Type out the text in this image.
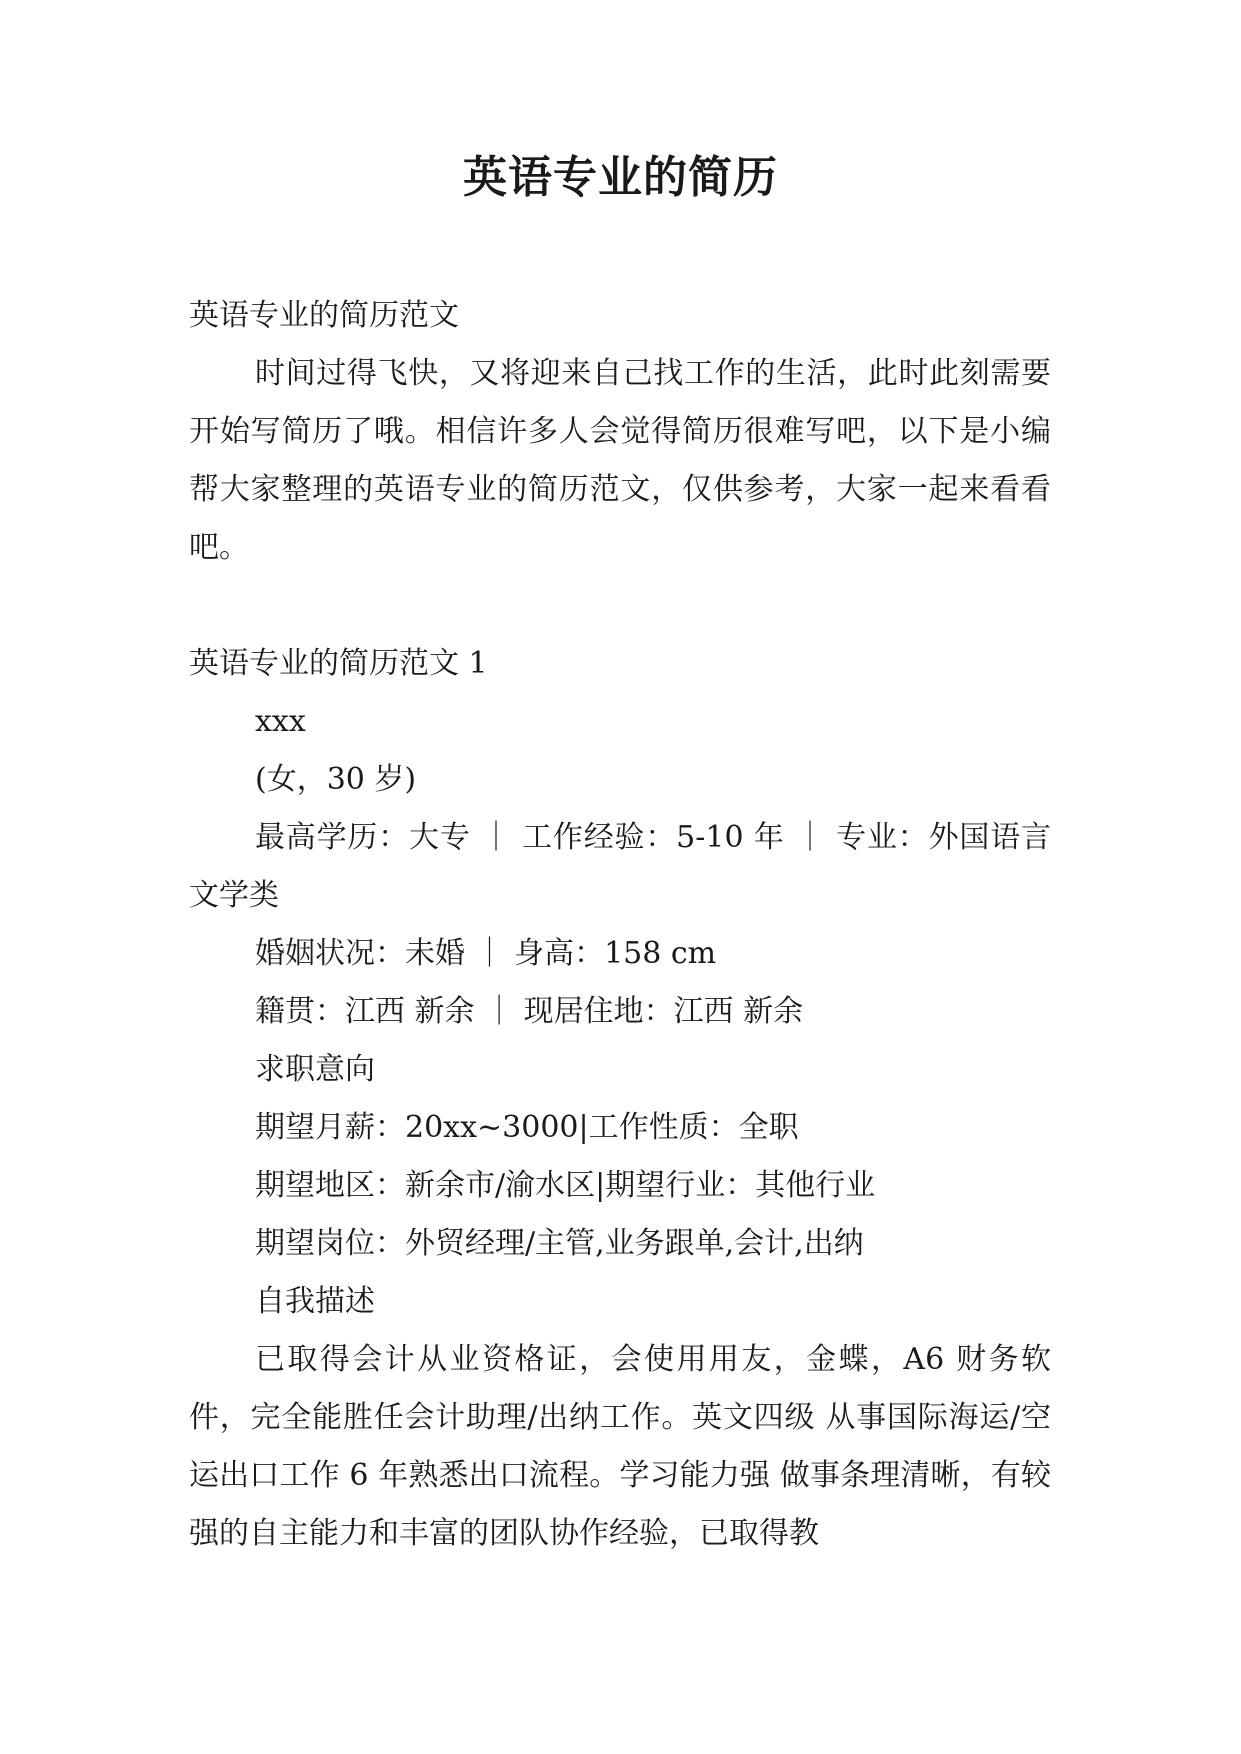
英语专业的简历

英语专业的简历范文

时间过得飞快，又将迎来自己找工作的生活，此时此刻需要开始写简历了哦。相信许多人会觉得简历很难写吧，以下是小编帮大家整理的英语专业的简历范文，仅供参考，大家一起来看看吧。

英语专业的简历范文 1

xxx

(女，30 岁)

最高学历：大专 ｜ 工作经验：5-10 年 ｜ 专业：外国语言文学类

婚姻状况：未婚 ｜ 身高：158 cm

籍贯：江西 新余 ｜ 现居住地：江西 新余

求职意向

期望月薪：20xx~3000|工作性质：全职

期望地区：新余市/渝水区|期望行业：其他行业

期望岗位：外贸经理/主管,业务跟单,会计,出纳

自我描述

已取得会计从业资格证，会使用用友，金蝶，A6 财务软件，完全能胜任会计助理/出纳工作。英文四级 从事国际海运/空运出口工作 6 年熟悉出口流程。学习能力强 做事条理清晰，有较强的自主能力和丰富的团队协作经验，已取得教
